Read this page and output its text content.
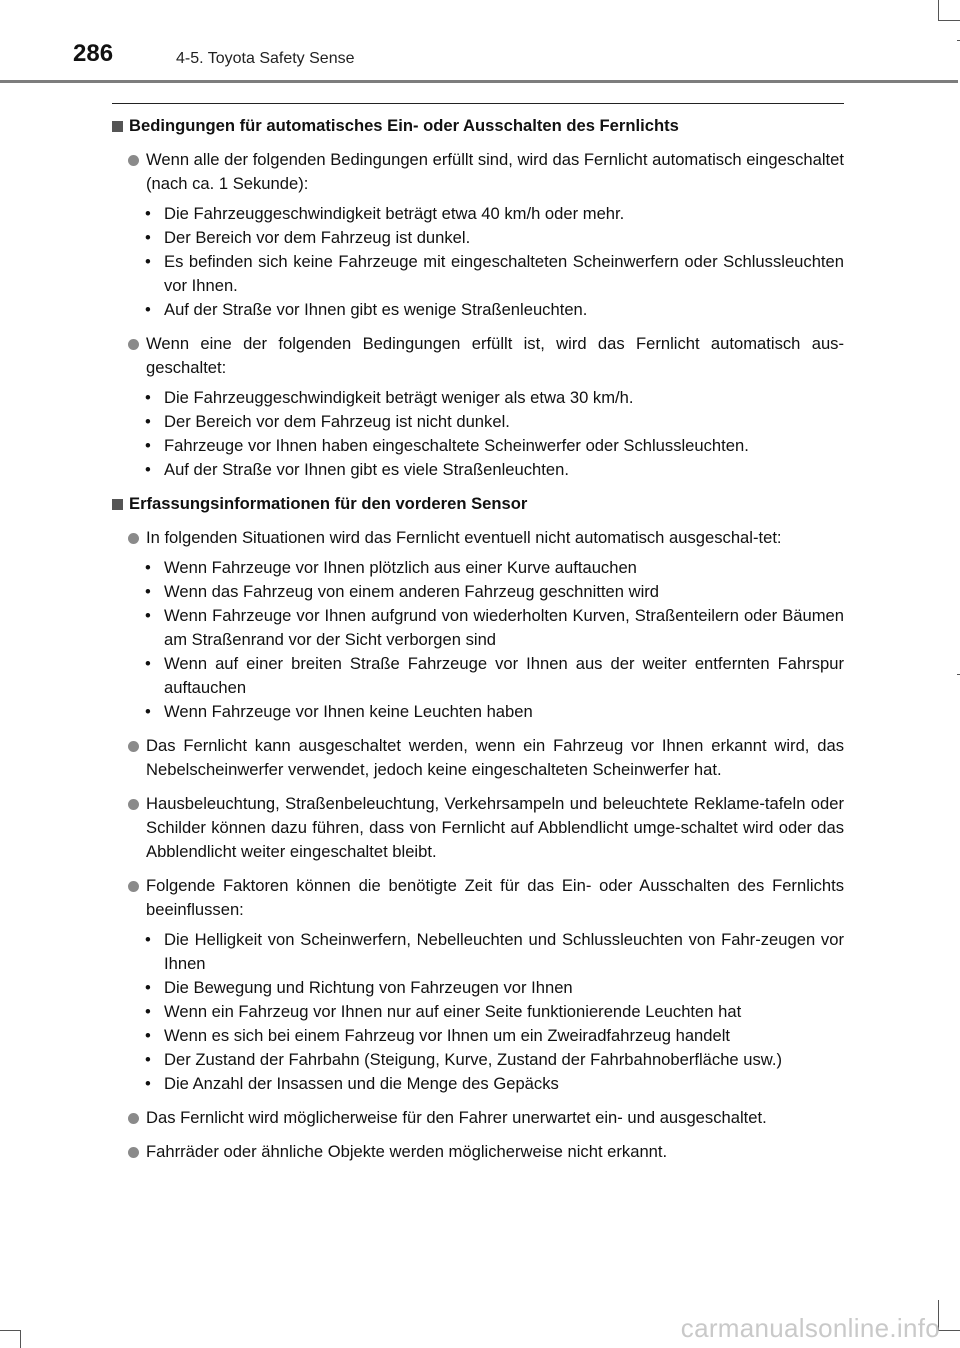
286	4-5. Toyota Safety Sense
Bedingungen für automatisches Ein- oder Ausschalten des Fernlichts
Wenn alle der folgenden Bedingungen erfüllt sind, wird das Fernlicht automatisch eingeschaltet (nach ca. 1 Sekunde):
• Die Fahrzeuggeschwindigkeit beträgt etwa 40 km/h oder mehr.
• Der Bereich vor dem Fahrzeug ist dunkel.
• Es befinden sich keine Fahrzeuge mit eingeschalteten Scheinwerfern oder Schlussleuchten vor Ihnen.
• Auf der Straße vor Ihnen gibt es wenige Straßenleuchten.
Wenn eine der folgenden Bedingungen erfüllt ist, wird das Fernlicht automatisch aus-geschaltet:
• Die Fahrzeuggeschwindigkeit beträgt weniger als etwa 30 km/h.
• Der Bereich vor dem Fahrzeug ist nicht dunkel.
• Fahrzeuge vor Ihnen haben eingeschaltete Scheinwerfer oder Schlussleuchten.
• Auf der Straße vor Ihnen gibt es viele Straßenleuchten.
Erfassungsinformationen für den vorderen Sensor
In folgenden Situationen wird das Fernlicht eventuell nicht automatisch ausgeschal-tet:
• Wenn Fahrzeuge vor Ihnen plötzlich aus einer Kurve auftauchen
• Wenn das Fahrzeug von einem anderen Fahrzeug geschnitten wird
• Wenn Fahrzeuge vor Ihnen aufgrund von wiederholten Kurven, Straßenteilern oder Bäumen am Straßenrand vor der Sicht verborgen sind
• Wenn auf einer breiten Straße Fahrzeuge vor Ihnen aus der weiter entfernten Fahrspur auftauchen
• Wenn Fahrzeuge vor Ihnen keine Leuchten haben
Das Fernlicht kann ausgeschaltet werden, wenn ein Fahrzeug vor Ihnen erkannt wird, das Nebelscheinwerfer verwendet, jedoch keine eingeschalteten Scheinwerfer hat.
Hausbeleuchtung, Straßenbeleuchtung, Verkehrsampeln und beleuchtete Reklame-tafeln oder Schilder können dazu führen, dass von Fernlicht auf Abblendlicht umge-schaltet wird oder das Abblendlicht weiter eingeschaltet bleibt.
Folgende Faktoren können die benötigte Zeit für das Ein- oder Ausschalten des Fernlichts beeinflussen:
• Die Helligkeit von Scheinwerfern, Nebelleuchten und Schlussleuchten von Fahr-zeugen vor Ihnen
• Die Bewegung und Richtung von Fahrzeugen vor Ihnen
• Wenn ein Fahrzeug vor Ihnen nur auf einer Seite funktionierende Leuchten hat
• Wenn es sich bei einem Fahrzeug vor Ihnen um ein Zweiradfahrzeug handelt
• Der Zustand der Fahrbahn (Steigung, Kurve, Zustand der Fahrbahnoberfläche usw.)
• Die Anzahl der Insassen und die Menge des Gepäcks
Das Fernlicht wird möglicherweise für den Fahrer unerwartet ein- und ausgeschaltet.
Fahrräder oder ähnliche Objekte werden möglicherweise nicht erkannt.
carmanualsonline.info
